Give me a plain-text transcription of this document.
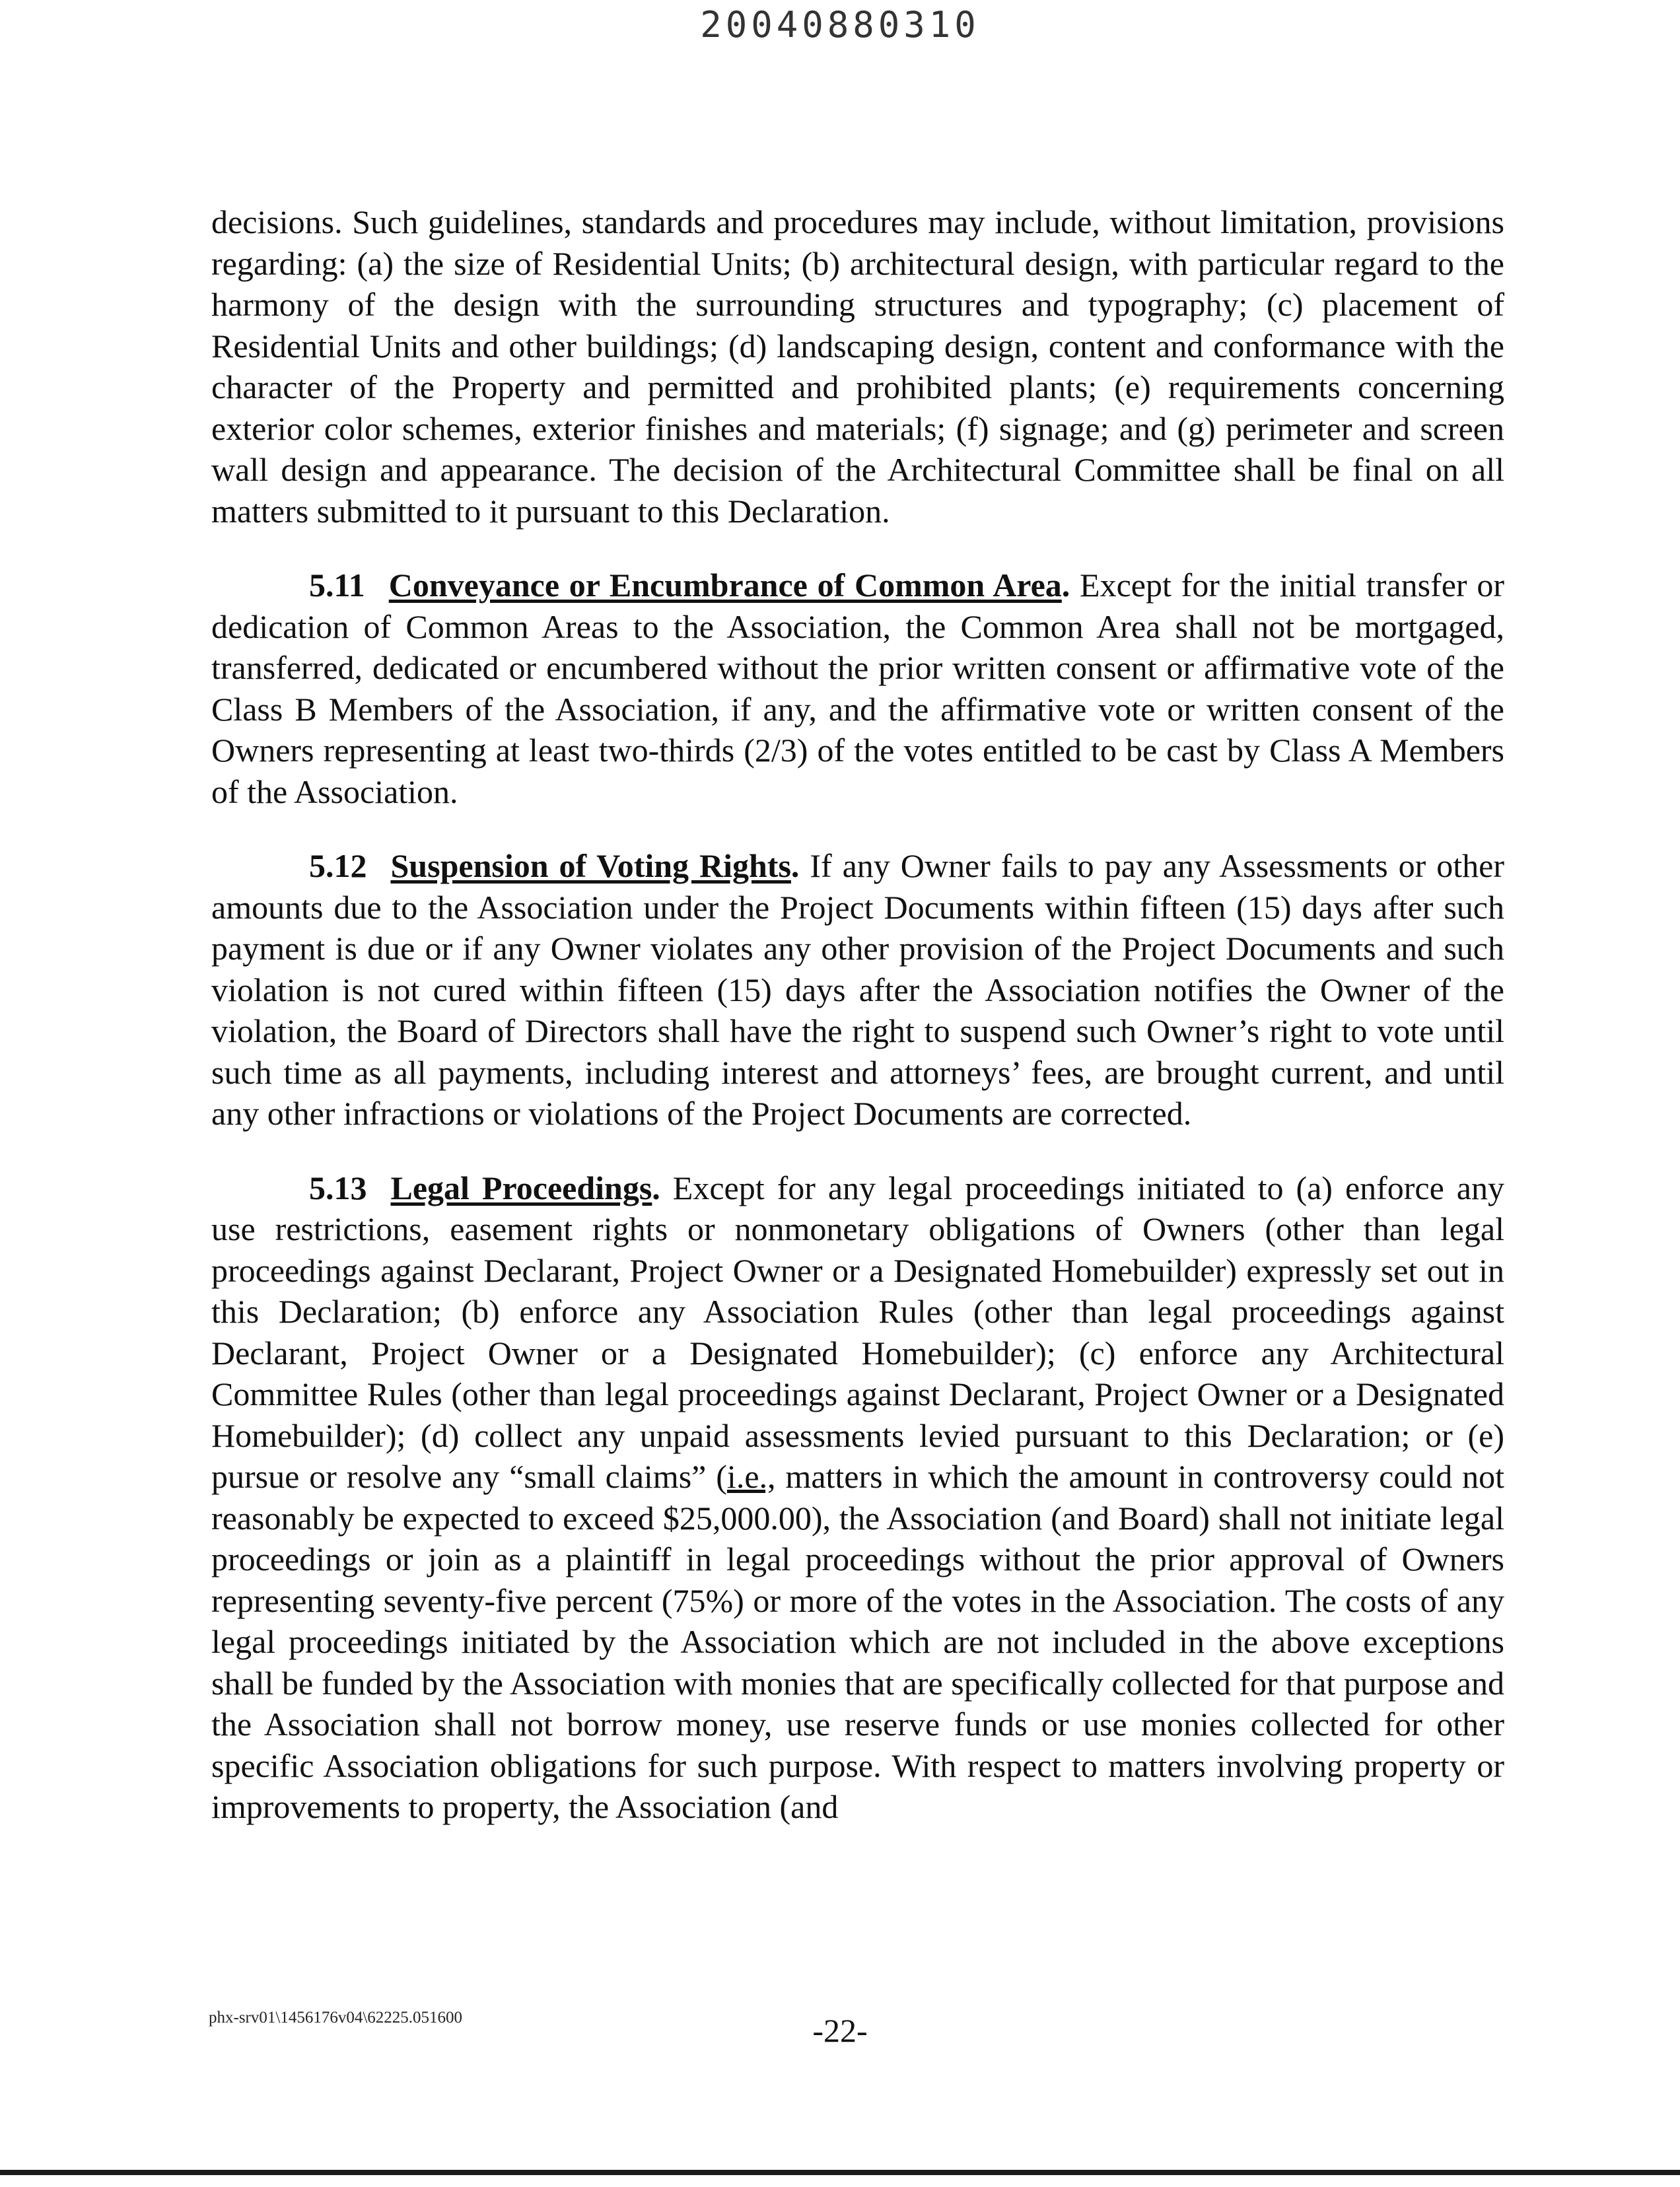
20040880310

decisions. Such guidelines, standards and procedures may include, without limitation, provisions regarding: (a) the size of Residential Units; (b) architectural design, with particular regard to the harmony of the design with the surrounding structures and typography; (c) placement of Residential Units and other buildings; (d) landscaping design, content and conformance with the character of the Property and permitted and prohibited plants; (e) requirements concerning exterior color schemes, exterior finishes and materials; (f) signage; and (g) perimeter and screen wall design and appearance. The decision of the Architectural Committee shall be final on all matters submitted to it pursuant to this Declaration.

5.11 Conveyance or Encumbrance of Common Area. Except for the initial transfer or dedication of Common Areas to the Association, the Common Area shall not be mortgaged, transferred, dedicated or encumbered without the prior written consent or affirmative vote of the Class B Members of the Association, if any, and the affirmative vote or written consent of the Owners representing at least two-thirds (2/3) of the votes entitled to be cast by Class A Members of the Association.

5.12 Suspension of Voting Rights. If any Owner fails to pay any Assessments or other amounts due to the Association under the Project Documents within fifteen (15) days after such payment is due or if any Owner violates any other provision of the Project Documents and such violation is not cured within fifteen (15) days after the Association notifies the Owner of the violation, the Board of Directors shall have the right to suspend such Owner’s right to vote until such time as all payments, including interest and attorneys’ fees, are brought current, and until any other infractions or violations of the Project Documents are corrected.

5.13 Legal Proceedings. Except for any legal proceedings initiated to (a) enforce any use restrictions, easement rights or nonmonetary obligations of Owners (other than legal proceedings against Declarant, Project Owner or a Designated Homebuilder) expressly set out in this Declaration; (b) enforce any Association Rules (other than legal proceedings against Declarant, Project Owner or a Designated Homebuilder); (c) enforce any Architectural Committee Rules (other than legal proceedings against Declarant, Project Owner or a Designated Homebuilder); (d) collect any unpaid assessments levied pursuant to this Declaration; or (e) pursue or resolve any “small claims” (i.e., matters in which the amount in controversy could not reasonably be expected to exceed $25,000.00), the Association (and Board) shall not initiate legal proceedings or join as a plaintiff in legal proceedings without the prior approval of Owners representing seventy-five percent (75%) or more of the votes in the Association. The costs of any legal proceedings initiated by the Association which are not included in the above exceptions shall be funded by the Association with monies that are specifically collected for that purpose and the Association shall not borrow money, use reserve funds or use monies collected for other specific Association obligations for such purpose. With respect to matters involving property or improvements to property, the Association (and

phx-srv01\1456176v04\62225.051600	-22-
